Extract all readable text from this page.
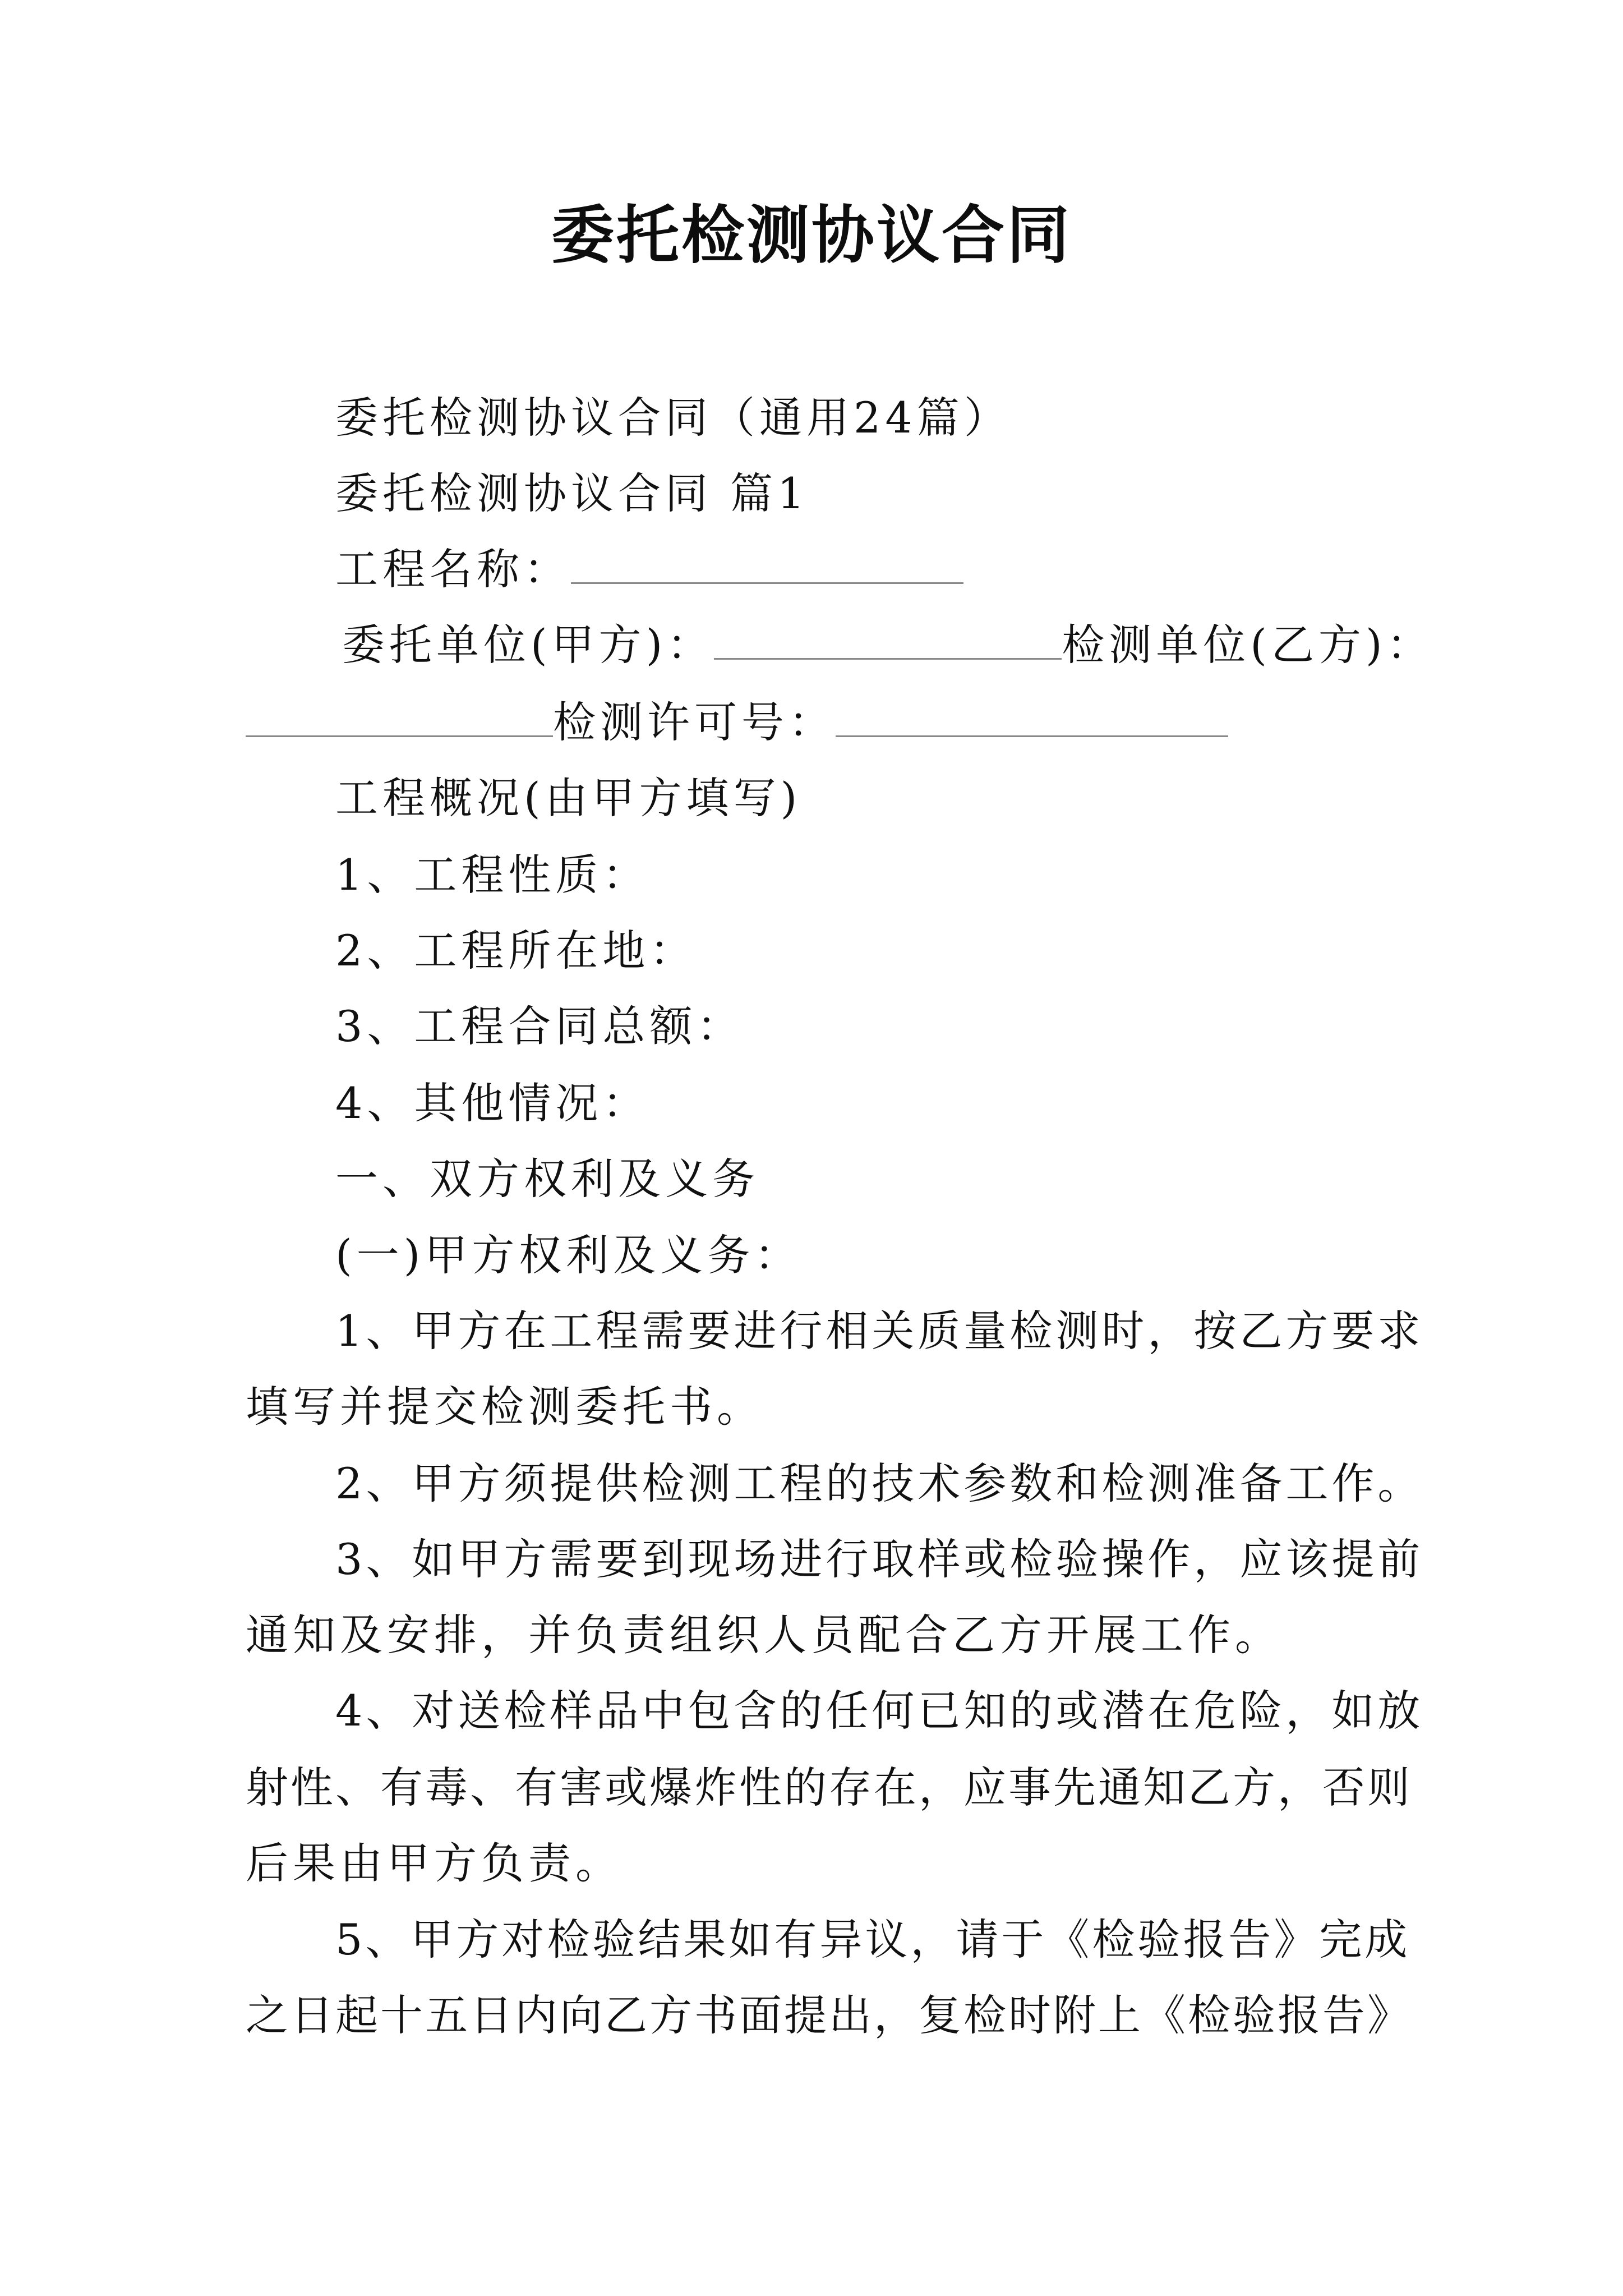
委托检测协议合同
委托检测协议合同（通用24篇）
委托检测协议合同 篇1
工程名称：
委托单位(甲方)：	检测单位(乙方)：
检测许可号：
工程概况(由甲方填写)
1、工程性质：
2、工程所在地：
3、工程合同总额：
4、其他情况：
一、双方权利及义务
(一)甲方权利及义务：
1、甲方在工程需要进行相关质量检测时，按乙方要求
填写并提交检测委托书。
2、甲方须提供检测工程的技术参数和检测准备工作。
3、如甲方需要到现场进行取样或检验操作，应该提前
通知及安排，并负责组织人员配合乙方开展工作。
4、对送检样品中包含的任何已知的或潜在危险，如放
射性、有毒、有害或爆炸性的存在，应事先通知乙方，否则
后果由甲方负责。
5、甲方对检验结果如有异议，请于《检验报告》完成
之日起十五日内向乙方书面提出，复检时附上《检验报告》
